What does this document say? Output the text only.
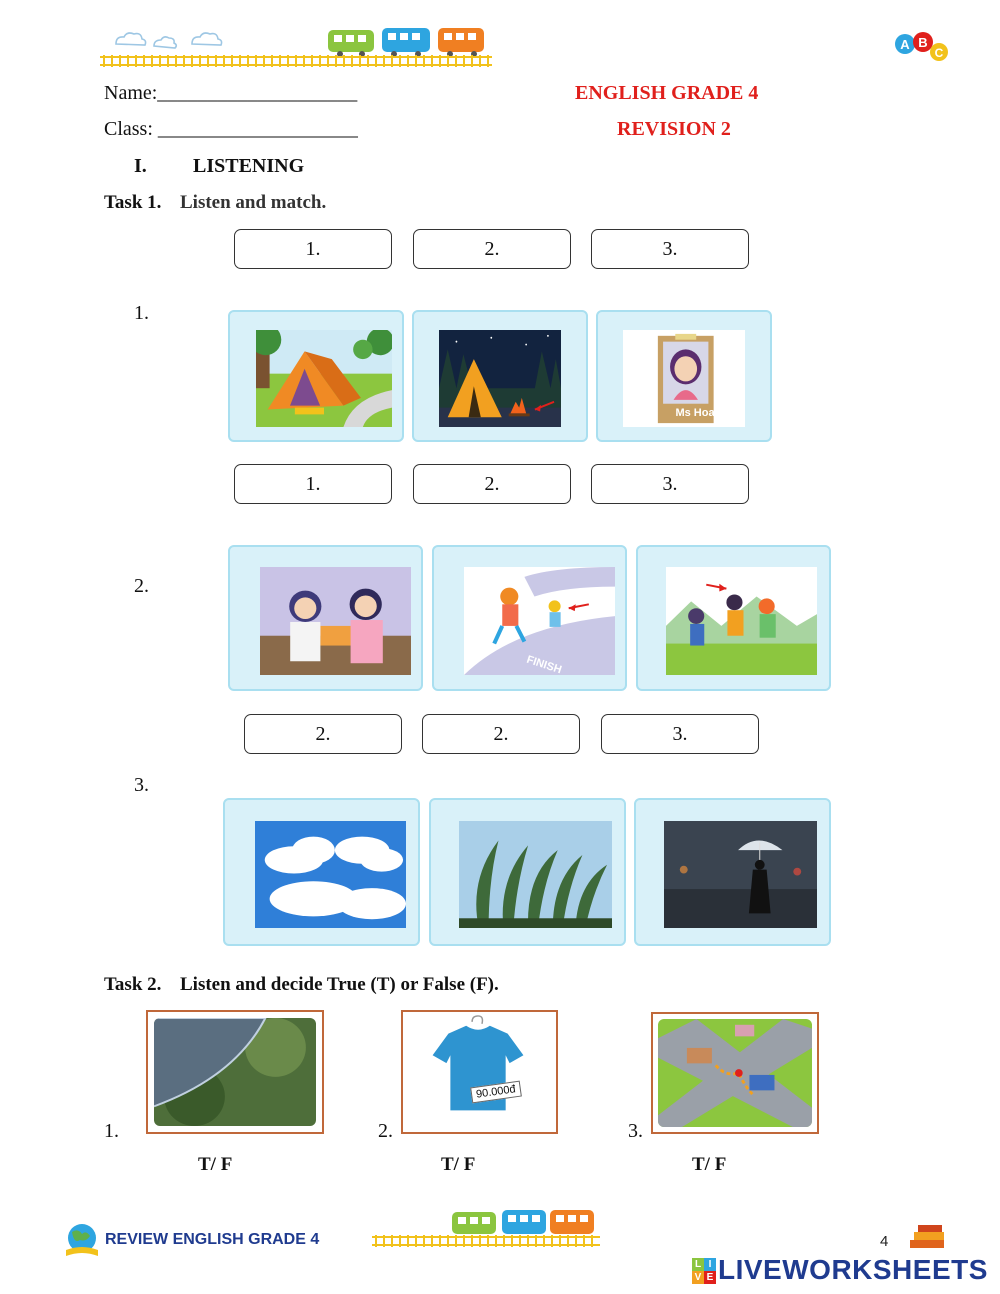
A B
C
Name:____________________
Class: ____________________
ENGLISH GRADE 4
REVISION 2
I. LISTENING
Task 1. Listen and match.
1.	2.	3.
1.
Ms Hoa
1.	2.	3.
2.
FINISH
2.	2.	3.
3.
Task 2. Listen and decide True (T) or False (F).
1.	2.
90.000đ
3.
T/ F	T/ F	T/ F
REVIEW ENGLISH GRADE 4	4
L I
V E LIVEWORKSHEETS
